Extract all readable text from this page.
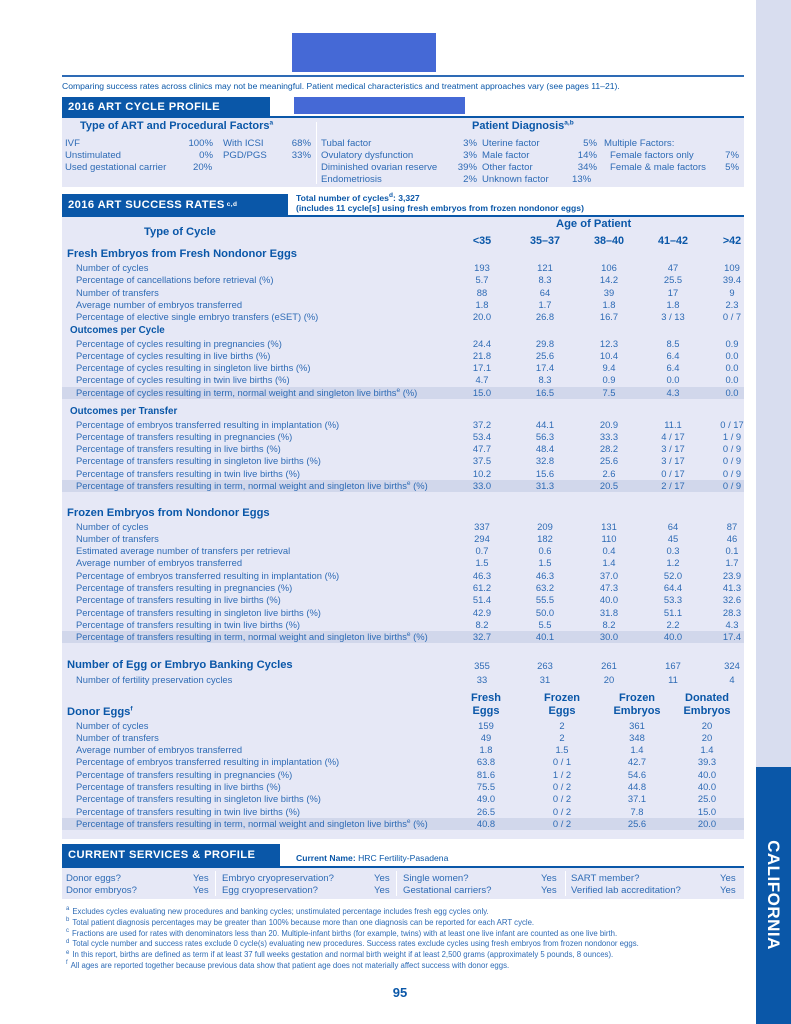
CALIFORNIA
Comparing success rates across clinics may not be meaningful. Patient medical characteristics and treatment approaches vary (see pages 11–21).
2016 ART CYCLE PROFILE
Type of ART and Procedural Factors$^a$	Patient Diagnosis$^{a,b}$
IVF	100%
Unstimulated	0%
Used gestational carrier	20%
With ICSI	68%
PGD/PGS	33%
Tubal factor	3%
Ovulatory dysfunction	3%
Diminished ovarian reserve	39%
Endometriosis	2%
Uterine factor	5%
Male factor	14%
Other factor	34%
Unknown factor 13%
Multiple Factors:
Female factors only	7%
Female & male factors	5%
2016 ART SUCCESS RATES c,d
Total number of cycles$^d$: 3,327
(includes 11 cycle[s] using fresh embryos from frozen nondonor eggs)
Type of Cycle
Age of Patient
<35	35–37	38–40	41–42	>42
Fresh Embryos from Fresh Nondonor Eggs
Number of cycles	193	121	106	47	109
Percentage of cancellations before retrieval (%)	5.7	8.3	14.2	25.5	39.4
Number of transfers	88	64	39	17	9
Average number of embryos transferred	1.8	1.7	1.8	1.8	2.3
Percentage of elective single embryo transfers (eSET) (%)	20.0	26.8	16.7	3 / 13	0 / 7
Outcomes per Cycle
Percentage of cycles resulting in pregnancies (%)	24.4	29.8	12.3	8.5	0.9
Percentage of cycles resulting in live births (%)	21.8	25.6	10.4	6.4	0.0
Percentage of cycles resulting in singleton live births (%)	17.1	17.4	9.4	6.4	0.0
Percentage of cycles resulting in twin live births (%)	4.7	8.3	0.9	0.0	0.0
Percentage of cycles resulting in term, normal weight and singleton live births$^e$ (%)	15.0	16.5	7.5	4.3	0.0
Outcomes per Transfer
Percentage of embryos transferred resulting in implantation (%)	37.2	44.1	20.9	11.1	0 / 17
Percentage of transfers resulting in pregnancies (%)	53.4	56.3	33.3	4 / 17	1 / 9
Percentage of transfers resulting in live births (%)	47.7	48.4	28.2	3 / 17	0 / 9
Percentage of transfers resulting in singleton live births (%)	37.5	32.8	25.6	3 / 17	0 / 9
Percentage of transfers resulting in twin live births (%)	10.2	15.6	2.6	0 / 17	0 / 9
Percentage of transfers resulting in term, normal weight and singleton live births$^e$ (%)	33.0	31.3	20.5	2 / 17	0 / 9
Frozen Embryos from Nondonor Eggs
Number of cycles	337	209	131	64	87
Number of transfers	294	182	110	45	46
Estimated average number of transfers per retrieval	0.7	0.6	0.4	0.3	0.1
Average number of embryos transferred	1.5	1.5	1.4	1.2	1.7
Percentage of embryos transferred resulting in implantation (%)	46.3	46.3	37.0	52.0	23.9
Percentage of transfers resulting in pregnancies (%)	61.2	63.2	47.3	64.4	41.3
Percentage of transfers resulting in live births (%)	51.4	55.5	40.0	53.3	32.6
Percentage of transfers resulting in singleton live births (%)	42.9	50.0	31.8	51.1	28.3
Percentage of transfers resulting in twin live births (%)	8.2	5.5	8.2	2.2	4.3
Percentage of transfers resulting in term, normal weight and singleton live births$^e$ (%)	32.7	40.1	30.0	40.0	17.4
Number of Egg or Embryo Banking Cycles	355	263	261	167	324
Number of fertility preservation cycles	33	31	20	11	4
Donor Eggs$^f$
Fresh
Eggs
Frozen
Eggs
Frozen
Embryos
Donated
Embryos
Number of cycles	159	2	361	20
Number of transfers	49	2	348	20
Average number of embryos transferred	1.8	1.5	1.4	1.4
Percentage of embryos transferred resulting in implantation (%)	63.8	0 / 1	42.7	39.3
Percentage of transfers resulting in pregnancies (%)	81.6	1 / 2	54.6	40.0
Percentage of transfers resulting in live births (%)	75.5	0 / 2	44.8	40.0
Percentage of transfers resulting in singleton live births (%)	49.0	0 / 2	37.1	25.0
Percentage of transfers resulting in twin live births (%)	26.5	0 / 2	7.8	15.0
Percentage of transfers resulting in term, normal weight and singleton live births$^e$ (%)	40.8	0 / 2	25.6	20.0
CURRENT SERVICES & PROFILE	Current Name: HRC Fertility-Pasadena
Donor eggs?	Yes
Donor embryos?	Yes
Embryo cryopreservation?	Yes
Egg cryopreservation?	Yes
Single women?	Yes
Gestational carriers?	Yes
SART member?	Yes
Verified lab accreditation?	Yes
$^a$ Excludes cycles evaluating new procedures and banking cycles; unstimulated percentage includes fresh egg cycles only.
$^b$ Total patient diagnosis percentages may be greater than 100% because more than one diagnosis can be reported for each ART cycle.
$^c$ Fractions are used for rates with denominators less than 20. Multiple-infant births (for example, twins) with at least one live infant are counted as one live birth.
$^d$ Total cycle number and success rates exclude 0 cycle(s) evaluating new procedures. Success rates exclude cycles using fresh embryos from frozen nondonor eggs.
$^e$ In this report, births are defined as term if at least 37 full weeks gestation and normal birth weight if at least 2,500 grams (approximately 5 pounds, 8 ounces).
$^f$ All ages are reported together because previous data show that patient age does not materially affect success with donor eggs.
95
